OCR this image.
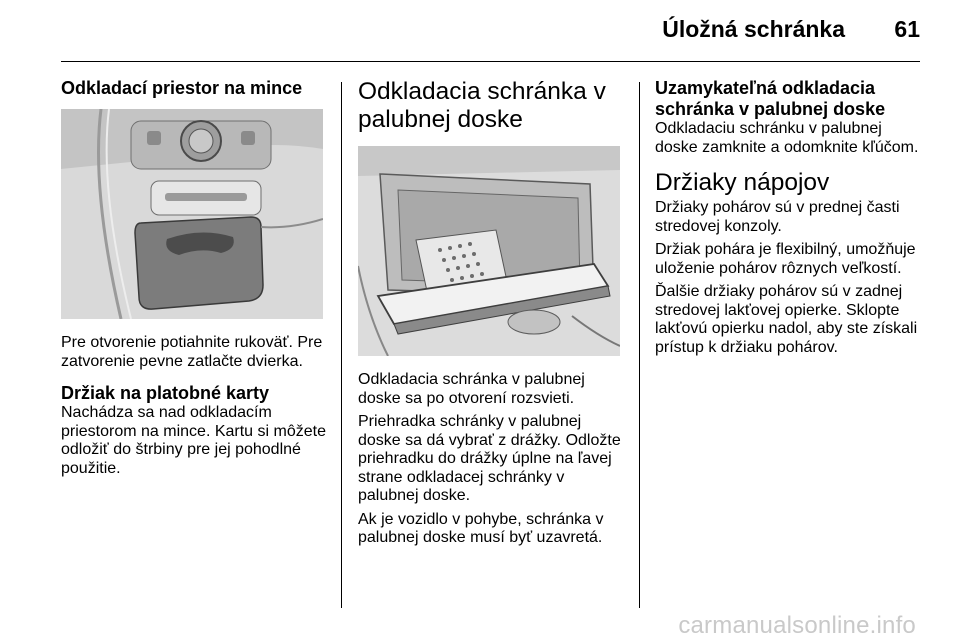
Úložná schránka	61
Odkladací priestor na mince

Pre otvorenie potiahnite rukoväť. Pre zatvorenie pevne zatlačte dvierka.

Držiak na platobné karty

Nachádza sa nad odkladacím priestorom na mince. Kartu si môžete odložiť do štrbiny pre jej pohodlné použitie.

Odkladacia schránka v palubnej doske

Odkladacia schránka v palubnej doske sa po otvorení rozsvieti.

Priehradka schránky v palubnej doske sa dá vybrať z drážky. Odložte priehradku do drážky úplne na ľavej strane odkladacej schránky v palubnej doske.

Ak je vozidlo v pohybe, schránka v palubnej doske musí byť uzavretá.

Uzamykateľná odkladacia schránka v palubnej doske

Odkladaciu schránku v palubnej doske zamknite a odomknite kľúčom.

Držiaky nápojov

Držiaky pohárov sú v prednej časti stredovej konzoly.

Držiak pohára je flexibilný, umožňuje uloženie pohárov rôznych veľkostí.

Ďalšie držiaky pohárov sú v zadnej stredovej lakťovej opierke. Sklopte lakťovú opierku nadol, aby ste získali prístup k držiaku pohárov.

carmanualsonline.info
